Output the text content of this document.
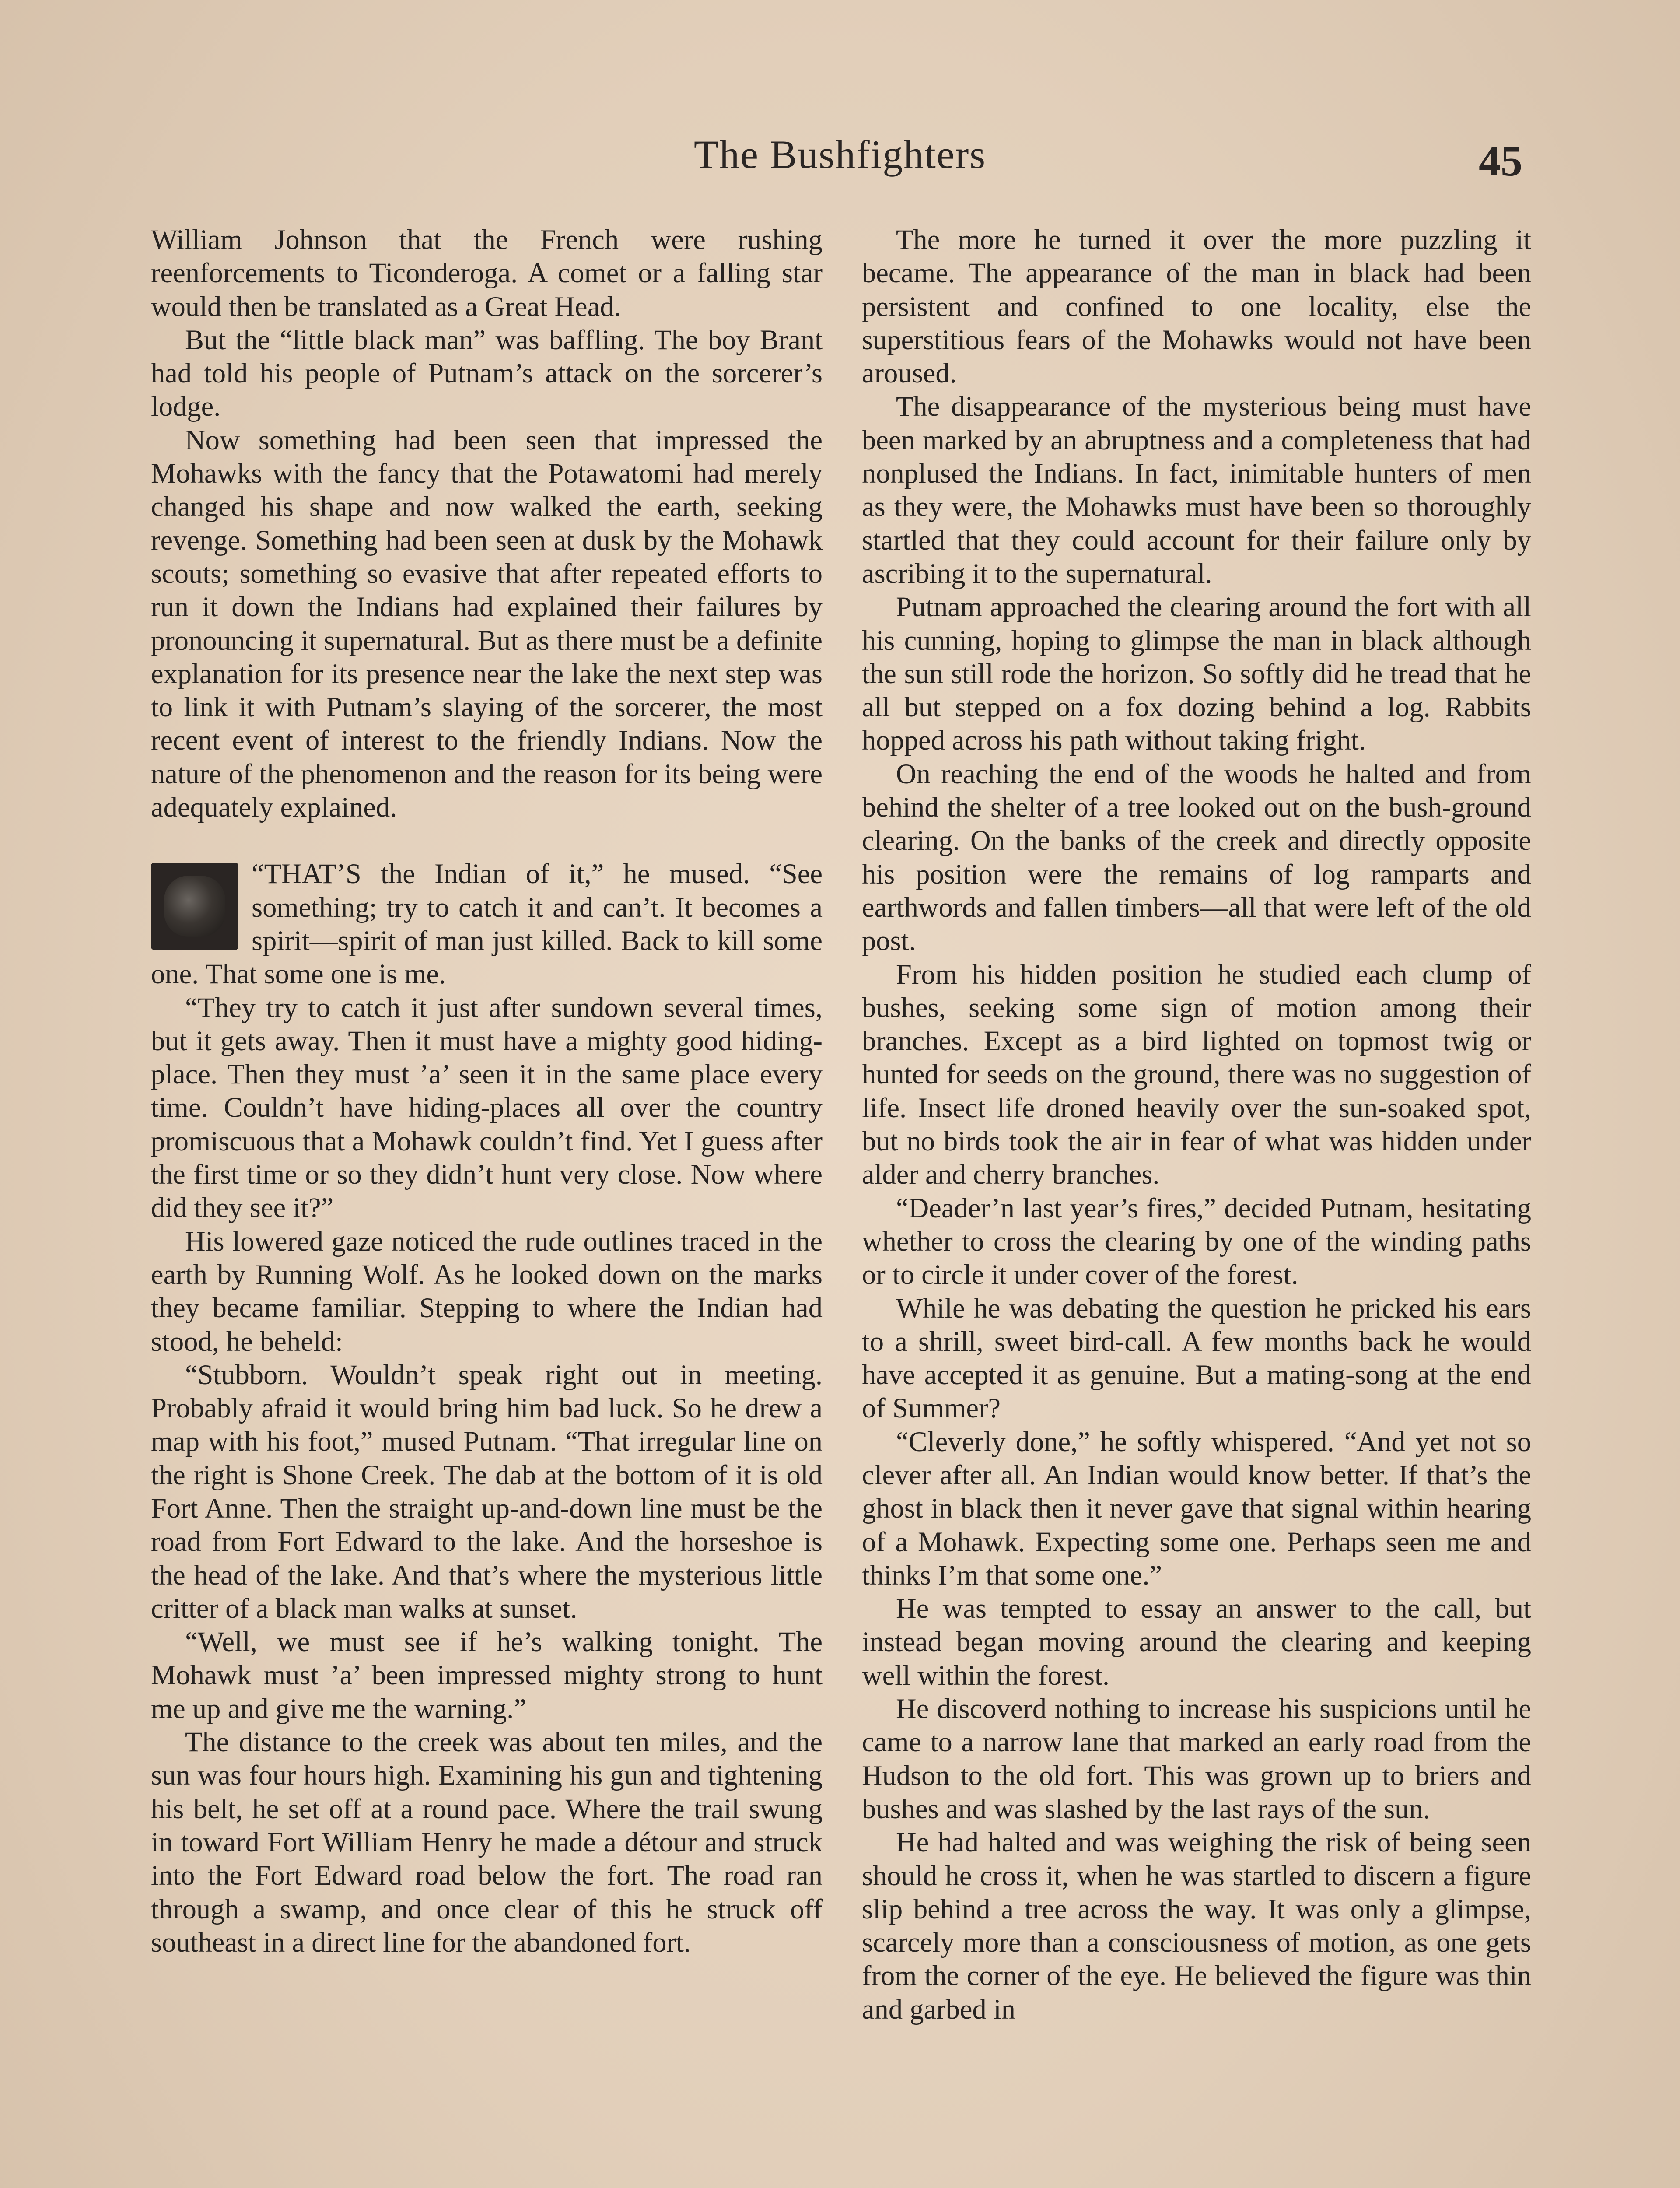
The Bushfighters	45

William Johnson that the French were rushing reenforcements to Ticonderoga. A comet or a falling star would then be translated as a Great Head.

But the “little black man” was baffling. The boy Brant had told his people of Putnam’s attack on the sorcerer’s lodge.

Now something had been seen that impressed the Mohawks with the fancy that the Potawatomi had merely changed his shape and now walked the earth, seeking revenge. Something had been seen at dusk by the Mohawk scouts; something so evasive that after repeated efforts to run it down the Indians had explained their failures by pronouncing it supernatural. But as there must be a definite explanation for its presence near the lake the next step was to link it with Putnam’s slaying of the sorcerer, the most recent event of interest to the friendly Indians. Now the nature of the phenomenon and the reason for its being were adequately explained.

“THAT’S the Indian of it,” he mused. “See something; try to catch it and can’t. It becomes a spirit—spirit of man just killed. Back to kill some one. That some one is me.

“They try to catch it just after sundown several times, but it gets away. Then it must have a mighty good hiding-place. Then they must ’a’ seen it in the same place every time. Couldn’t have hiding-places all over the country promiscuous that a Mohawk couldn’t find. Yet I guess after the first time or so they didn’t hunt very close. Now where did they see it?”

His lowered gaze noticed the rude outlines traced in the earth by Running Wolf. As he looked down on the marks they became familiar. Stepping to where the Indian had stood, he beheld:

“Stubborn. Wouldn’t speak right out in meeting. Probably afraid it would bring him bad luck. So he drew a map with his foot,” mused Putnam. “That irregular line on the right is Shone Creek. The dab at the bottom of it is old Fort Anne. Then the straight up-and-down line must be the road from Fort Edward to the lake. And the horseshoe is the head of the lake. And that’s where the mysterious little critter of a black man walks at sunset.

“Well, we must see if he’s walking tonight. The Mohawk must ’a’ been impressed mighty strong to hunt me up and give me the warning.”

The distance to the creek was about ten miles, and the sun was four hours high. Examining his gun and tightening his belt, he set off at a round pace. Where the trail swung in toward Fort William Henry he made a détour and struck into the Fort Edward road below the fort. The road ran through a swamp, and once clear of this he struck off southeast in a direct line for the abandoned fort.

The more he turned it over the more puzzling it became. The appearance of the man in black had been persistent and confined to one locality, else the superstitious fears of the Mohawks would not have been aroused.

The disappearance of the mysterious being must have been marked by an abruptness and a completeness that had nonplused the Indians. In fact, inimitable hunters of men as they were, the Mohawks must have been so thoroughly startled that they could account for their failure only by ascribing it to the supernatural.

Putnam approached the clearing around the fort with all his cunning, hoping to glimpse the man in black although the sun still rode the horizon. So softly did he tread that he all but stepped on a fox dozing behind a log. Rabbits hopped across his path without taking fright.

On reaching the end of the woods he halted and from behind the shelter of a tree looked out on the bush-ground clearing. On the banks of the creek and directly opposite his position were the remains of log ramparts and earthwords and fallen timbers—all that were left of the old post.

From his hidden position he studied each clump of bushes, seeking some sign of motion among their branches. Except as a bird lighted on topmost twig or hunted for seeds on the ground, there was no suggestion of life. Insect life droned heavily over the sun-soaked spot, but no birds took the air in fear of what was hidden under alder and cherry branches.

“Deader’n last year’s fires,” decided Putnam, hesitating whether to cross the clearing by one of the winding paths or to circle it under cover of the forest.

While he was debating the question he pricked his ears to a shrill, sweet bird-call. A few months back he would have accepted it as genuine. But a mating-song at the end of Summer?

“Cleverly done,” he softly whispered. “And yet not so clever after all. An Indian would know better. If that’s the ghost in black then it never gave that signal within hearing of a Mohawk. Expecting some one. Perhaps seen me and thinks I’m that some one.”

He was tempted to essay an answer to the call, but instead began moving around the clearing and keeping well within the forest.

He discoverd nothing to increase his suspicions until he came to a narrow lane that marked an early road from the Hudson to the old fort. This was grown up to briers and bushes and was slashed by the last rays of the sun.

He had halted and was weighing the risk of being seen should he cross it, when he was startled to discern a figure slip behind a tree across the way. It was only a glimpse, scarcely more than a consciousness of motion, as one gets from the corner of the eye. He believed the figure was thin and garbed in
